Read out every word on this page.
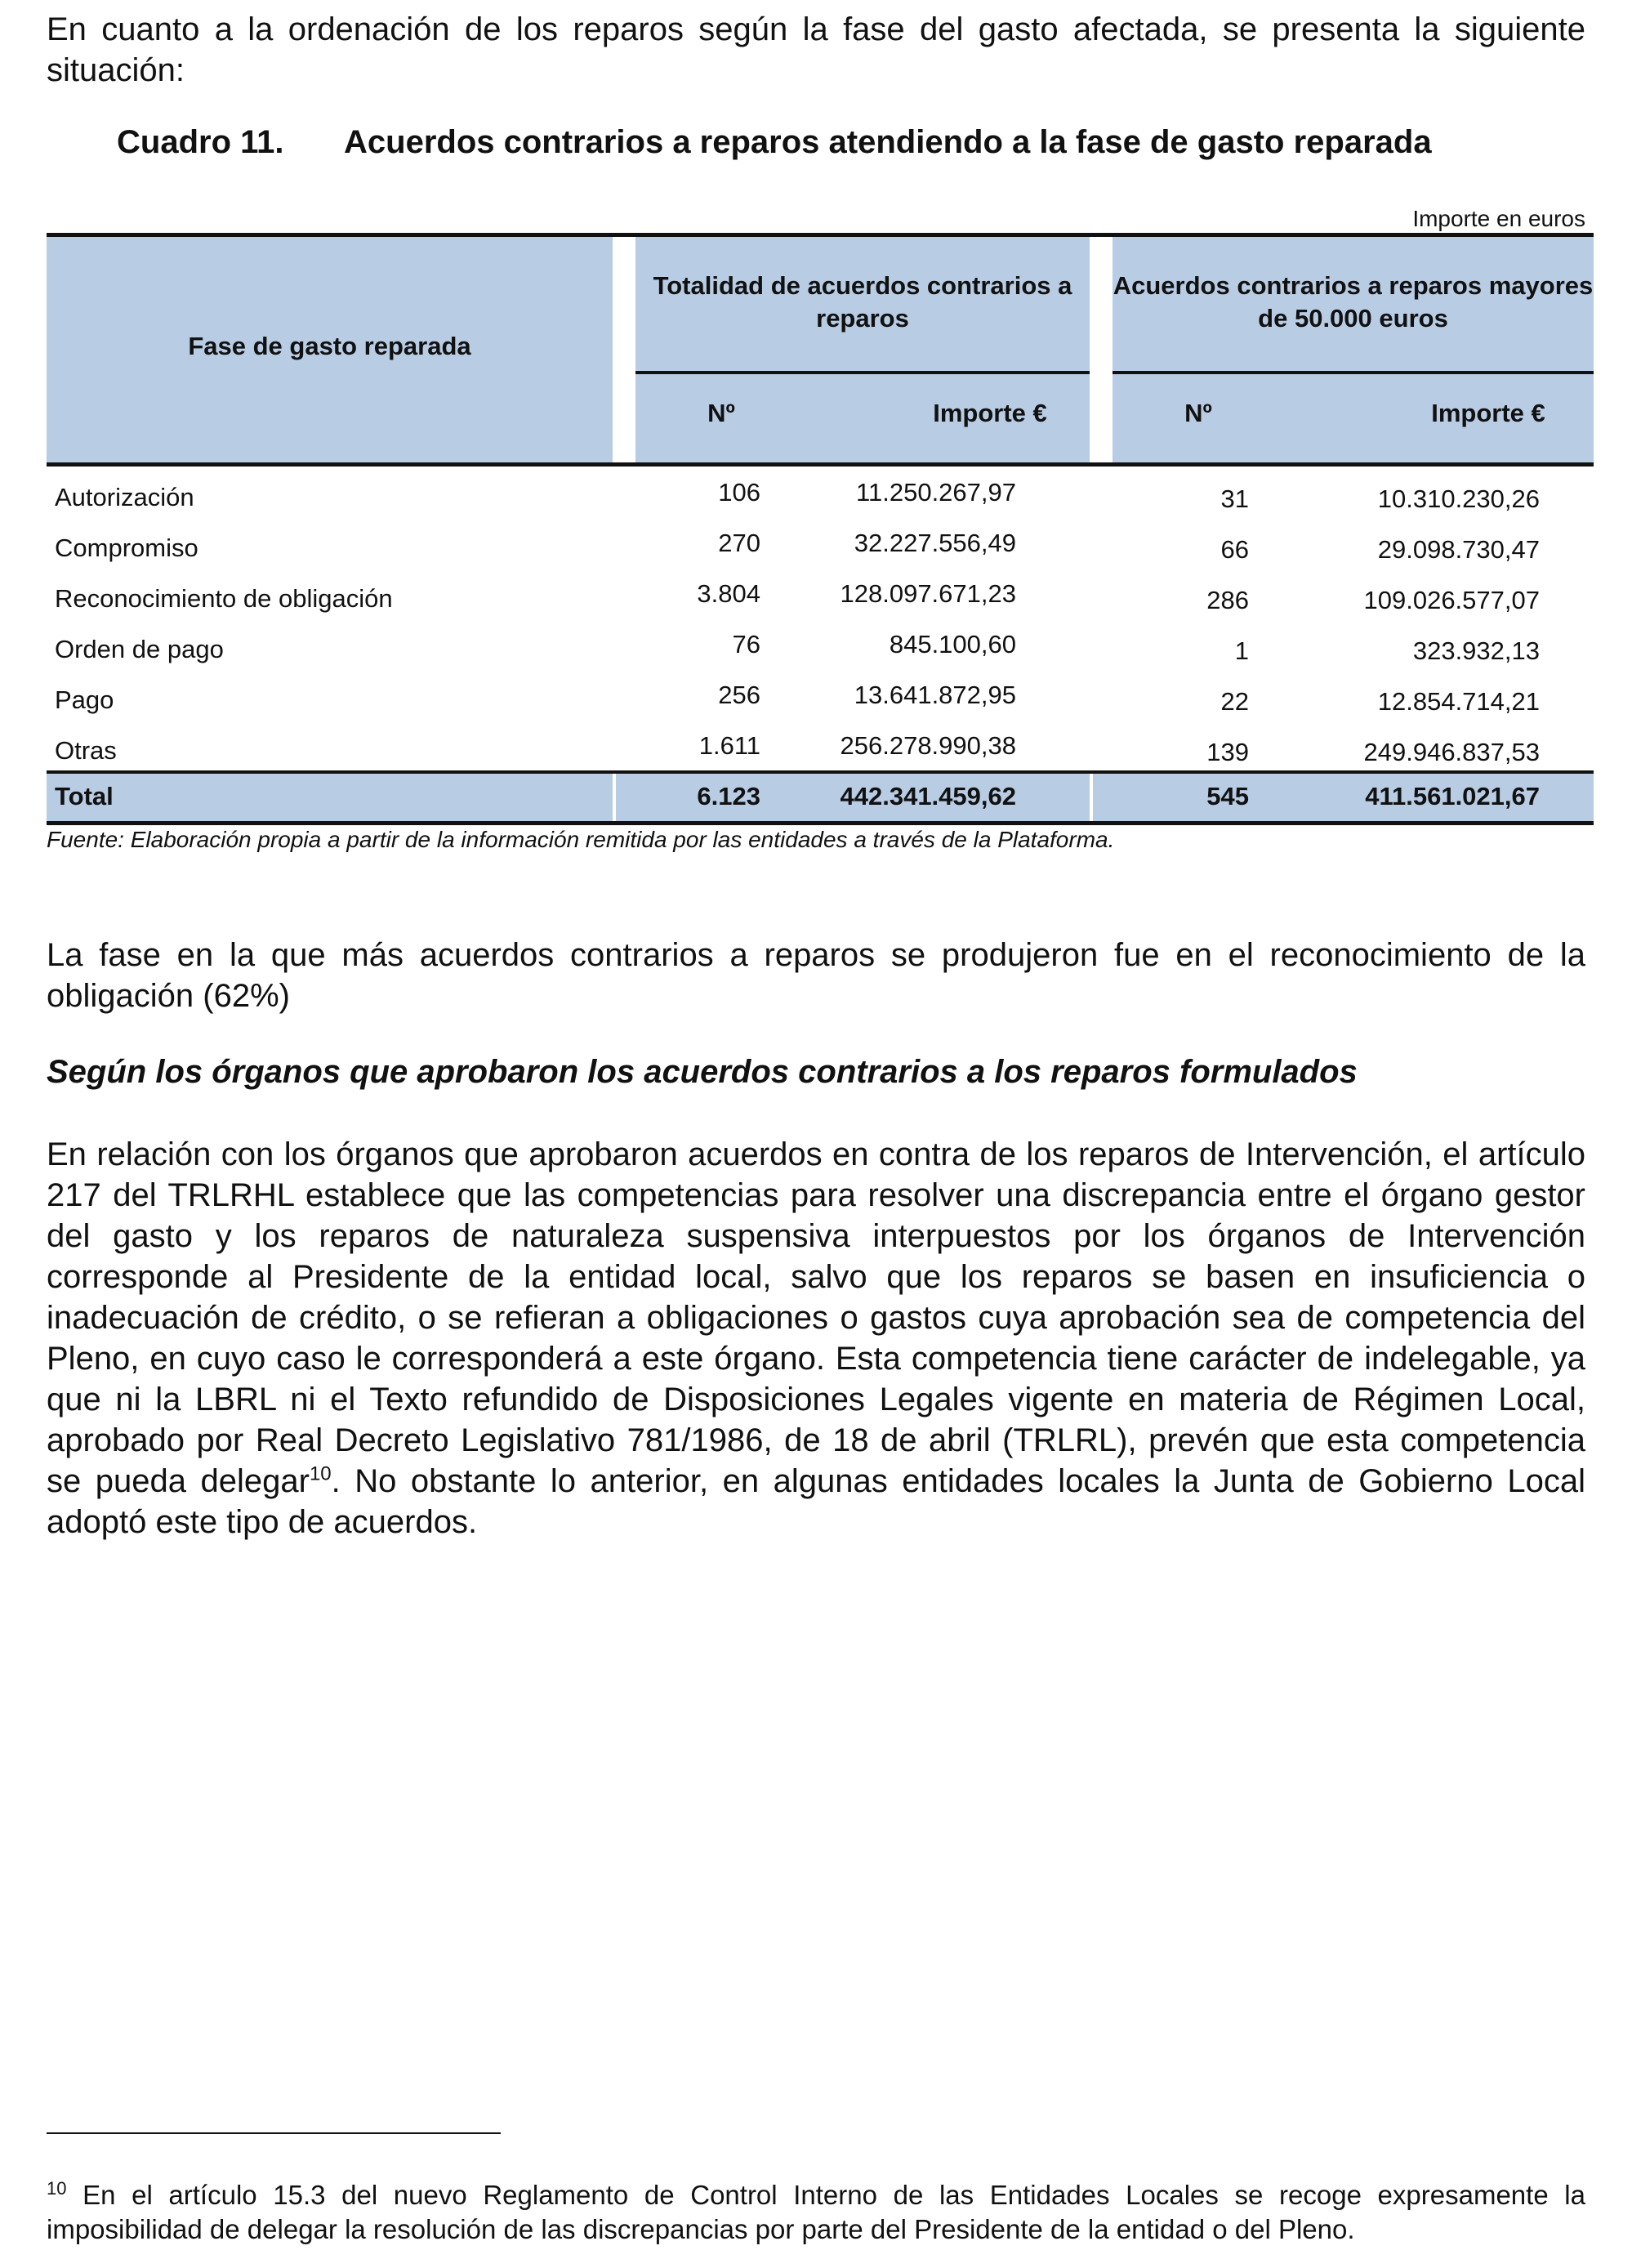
En cuanto a la ordenación de los reparos según la fase del gasto afectada, se presenta la siguiente situación:

Cuadro 11. Acuerdos contrarios a reparos atendiendo a la fase de gasto reparada
Importe en euros
Fase de gasto reparada
Totalidad de acuerdos contrarios a reparos
Acuerdos contrarios a reparos mayores de 50.000 euros
Nº	Importe €	Nº	Importe €
Autorización	106	11.250.267,97	31	10.310.230,26
Compromiso	270	32.227.556,49	66	29.098.730,47
Reconocimiento de obligación	3.804	128.097.671,23	286	109.026.577,07
Orden de pago	76	845.100,60	1	323.932,13
Pago	256	13.641.872,95	22	12.854.714,21
Otras	1.611	256.278.990,38	139	249.946.837,53
Total	6.123	442.341.459,62	545	411.561.021,67
Fuente: Elaboración propia a partir de la información remitida por las entidades a través de la Plataforma.

La fase en la que más acuerdos contrarios a reparos se produjeron fue en el reconocimiento de la obligación (62%)

Según los órganos que aprobaron los acuerdos contrarios a los reparos formulados

En relación con los órganos que aprobaron acuerdos en contra de los reparos de Intervención, el artículo 217 del TRLRHL establece que las competencias para resolver una discrepancia entre el órgano gestor del gasto y los reparos de naturaleza suspensiva interpuestos por los órganos de Intervención corresponde al Presidente de la entidad local, salvo que los reparos se basen en insuficiencia o inadecuación de crédito, o se refieran a obligaciones o gastos cuya aprobación sea de competencia del Pleno, en cuyo caso le corresponderá a este órgano. Esta competencia tiene carácter de indelegable, ya que ni la LBRL ni el Texto refundido de Disposiciones Legales vigente en materia de Régimen Local, aprobado por Real Decreto Legislativo 781/1986, de 18 de abril (TRLRL), prevén que esta competencia se pueda delegar$^{10}$. No obstante lo anterior, en algunas entidades locales la Junta de Gobierno Local adoptó este tipo de acuerdos.

$^{10}$ En el artículo 15.3 del nuevo Reglamento de Control Interno de las Entidades Locales se recoge expresamente la imposibilidad de delegar la resolución de las discrepancias por parte del Presidente de la entidad o del Pleno.
